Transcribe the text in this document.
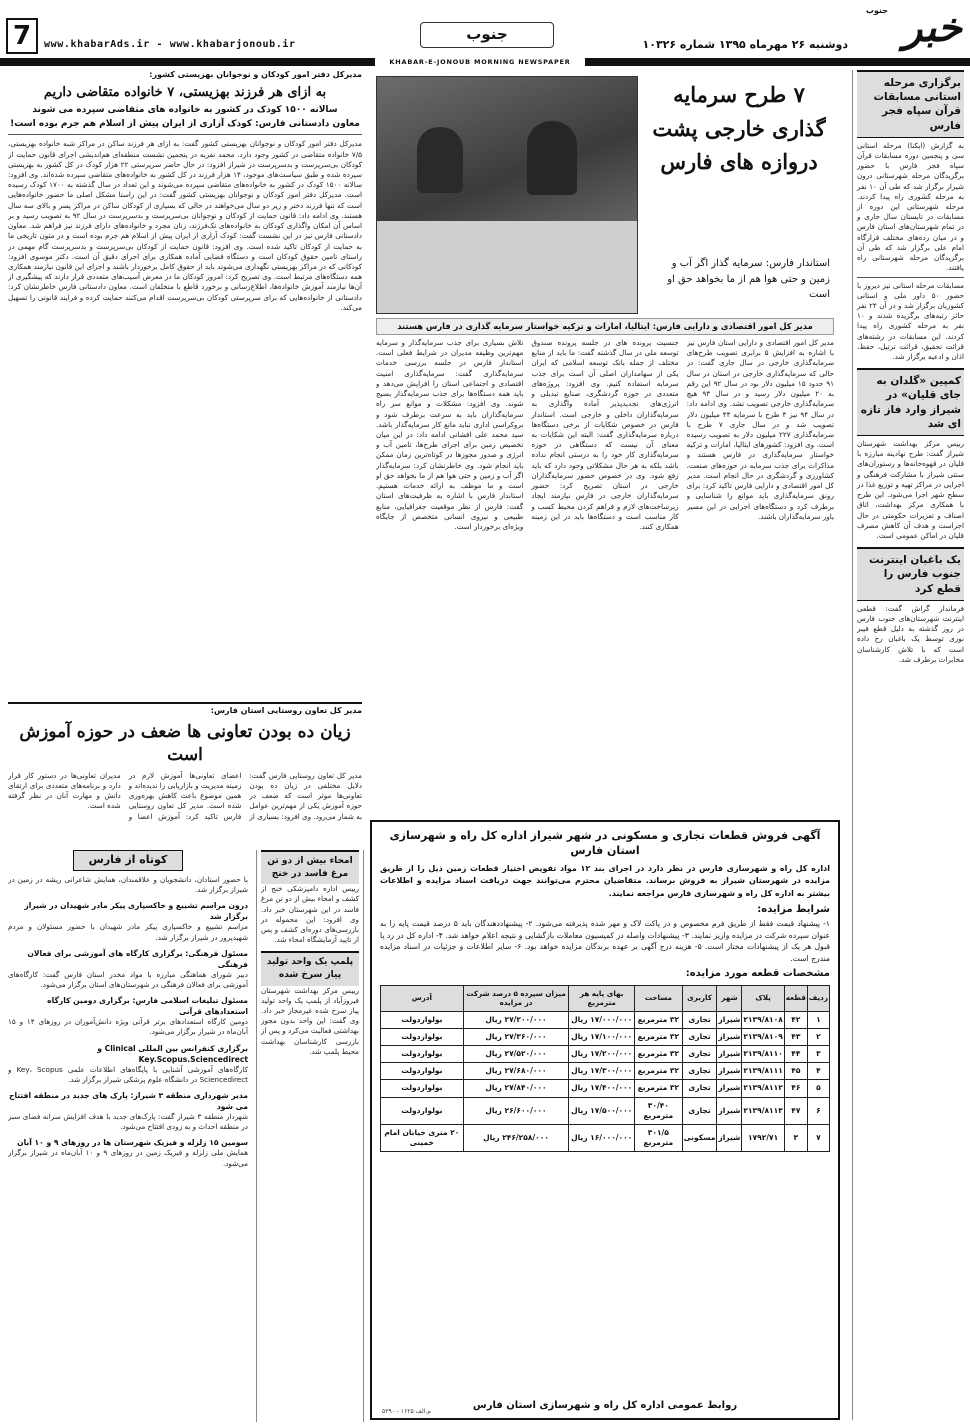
خبر
جنوب
دوشنبه ۲۶ مهرماه ۱۳۹۵ شماره ۱۰۳۲۶
جنوب
www.khabarAds.ir - www.khabarjonoub.ir
7
KHABAR-E-JONOUB MORNING NEWSPAPER
برگزاری مرحله استانی مسابقات قرآن سپاه فجر فارس
به گزارش (ایکنا) مرحله استانی سی و پنجمین دوره مسابقات قرآن سپاه فجر فارس با حضور برگزیدگان مرحله شهرستانی درون شیراز برگزار شد که طی آن ۱۰ نفر به مرحله کشوری راه پیدا کردند. مرحله شهرستانی این دوره از مسابقات در تابستان سال جاری و در تمام شهرستان‌های استان فارس و در میان رده‌های مختلف قرارگاه امام علی برگزار شد که طی آن برگزیدگان مرحله شهرستانی راه یافتند.
مسابقات مرحله استانی نیز دیروز با حضور ۵۰ داور ملی و استانی کشوریان برگزار شد و در آن ۲۴ نفر حائز رتبه‌های برگزیده شدند و ۱۰ نفر به مرحله کشوری راه پیدا کردند. این مسابقات در رشته‌های قرائت تحقیق، قرائت ترتیل، حفظ، اذان و ادعیه برگزار شد.
کمپین «گلدان به جای قلیان» در شیراز وارد فاز تازه ای شد
رییس مرکز بهداشت شهرستان شیراز گفت: طرح نهادینه مبارزه با قلیان در قهوه‌خانه‌ها و رستوران‌های سنتی شیراز با مشارکت فرهنگی و اجرایی در مراکز تهیه و توزیع غذا در سطح شهر اجرا می‌شود. این طرح با همکاری مرکز بهداشت، اتاق اصناف و تعزیرات حکومتی در حال اجراست و هدف آن کاهش مصرف قلیان در اماکن عمومی است.
یک باغبان اینترنت جنوب فارس را قطع کرد
فرماندار گراش گفت: قطعی اینترنت شهرستان‌های جنوب فارس در روز گذشته به دلیل قطع فیبر نوری توسط یک باغبان رخ داده است که با تلاش کارشناسان مخابرات برطرف شد.
۷ طرح سرمایه گذاری خارجی پشت دروازه های فارس
استاندار فارس: سرمایه گذار اگر آب و زمین و حتی هوا هم از ما بخواهد حق او است
مدیر کل امور اقتصادی و دارایی فارس: ایتالیا، امارات و ترکیه خواستار سرمایه گذاری در فارس هستند
تلاش بسیاری برای جذب سرمایه‌گذار و سرمایه مهم‌ترین وظیفه مدیران در شرایط فعلی است. استاندار فارس در جلسه بررسی خدمات سرمایه‌گذاری گفت: سرمایه‌گذاری امنیت اقتصادی و اجتماعی استان را افزایش می‌دهد و باید همه دستگاه‌ها برای جذب سرمایه‌گذار بسیج شوند. وی افزود: مشکلات و موانع سر راه سرمایه‌گذاران باید به سرعت برطرف شود و بروکراسی اداری نباید مانع کار سرمایه‌گذار باشد. سید محمد علی افشانی ادامه داد: در این میان تخصیص زمین برای اجرای طرح‌ها، تامین آب و انرژی و صدور مجوزها در کوتاه‌ترین زمان ممکن باید انجام شود. وی خاطرنشان کرد: سرمایه‌گذار اگر آب و زمین و حتی هوا هم از ما بخواهد حق او است و ما موظف به ارائه خدمات هستیم. استاندار فارس با اشاره به ظرفیت‌های استان گفت: فارس از نظر موقعیت جغرافیایی، منابع طبیعی و نیروی انسانی متخصص از جایگاه ویژه‌ای برخوردار است.
جنسیت پرونده های در جلسه پرونده صندوق توسعه ملی در سال گذشته گفت: ما باید از منابع مختلف از جمله بانک توسعه اسلامی که ایران یکی از سهامداران اصلی آن است برای جذب سرمایه استفاده کنیم. وی افزود: پروژه‌های متعددی در حوزه گردشگری، صنایع تبدیلی و انرژی‌های تجدیدپذیر آماده واگذاری به سرمایه‌گذاران داخلی و خارجی است. استاندار فارس در خصوص شکایات از برخی دستگاه‌ها درباره سرمایه‌گذاری گفت: البته این شکایات به معنای آن نیست که دستگاهی در حوزه سرمایه‌گذاری کار خود را به درستی انجام نداده باشد بلکه به هر حال مشکلاتی وجود دارد که باید رفع شود. وی در خصوص حضور سرمایه‌گذاران خارجی در استان تصریح کرد: حضور سرمایه‌گذاران خارجی در فارس نیازمند ایجاد زیرساخت‌های لازم و فراهم کردن محیط کسب و کار مناسب است و دستگاه‌ها باید در این زمینه همکاری کنند.
مدیر کل امور اقتصادی و دارایی استان فارس نیز با اشاره به افزایش ۵ برابری تصویب طرح‌های سرمایه‌گذاری خارجی در سال جاری گفت: در حالی که سرمایه‌گذاری خارجی در استان در سال ۹۱ حدود ۱۵ میلیون دلار بود در سال ۹۲ این رقم به ۲۰ میلیون دلار رسید و در سال ۹۳ هیچ سرمایه‌گذاری خارجی تصویب نشد. وی ادامه داد: در سال ۹۴ نیز ۴ طرح با سرمایه ۴۴ میلیون دلار تصویب شد و در سال جاری ۷ طرح با سرمایه‌گذاری ۲۲۷ میلیون دلار به تصویب رسیده است. وی افزود: کشورهای ایتالیا، امارات و ترکیه خواستار سرمایه‌گذاری در فارس هستند و مذاکرات برای جذب سرمایه در حوزه‌های صنعت، کشاورزی و گردشگری در حال انجام است. مدیر کل امور اقتصادی و دارایی فارس تاکید کرد: برای رونق سرمایه‌گذاری باید موانع را شناسایی و برطرف کرد و دستگاه‌های اجرایی در این مسیر یاور سرمایه‌گذاران باشند.
مدیرکل دفتر امور کودکان و نوجوانان بهزیستی کشور:
به ازای هر فرزند بهزیستی، ۷ خانواده متقاضی داریم
سالانه ۱۵۰۰ کودک در کشور به خانواده های متقاضی سپرده می شوند
معاون دادستانی فارس: کودک آزاری از ایران پیش از اسلام هم جرم بوده است!
مدیرکل دفتر امور کودکان و نوجوانان بهزیستی کشور گفت: به ازای هر فرزند ساکن در مراکز شبه خانواده بهزیستی، ۷/۵ خانواده متقاضی در کشور وجود دارد. محمد نفریه در پنجمین نشست منطقه‌ای هم‌اندیشی اجرای قانون حمایت از کودکان بی‌سرپرست و بدسرپرست در شیراز افزود: در حال حاضر سرپرستی ۲۲ هزار کودک در کل کشور به بهزیستی سپرده شده و طبق سیاست‌های موجود، ۱۴ هزار فرزند در کل کشور به خانواده‌های متقاضی سپرده شده‌اند. وی افزود: سالانه ۱۵۰۰ کودک در کشور به خانواده‌های متقاضی سپرده می‌شوند و این تعداد در سال گذشته به ۱۷۰۰ کودک رسیده است. مدیرکل دفتر امور کودکان و نوجوانان بهزیستی کشور گفت: در این راستا مشکل اصلی ما حضور خانواده‌هایی است که تنها فرزند دختر و زیر دو سال می‌خواهند در حالی که بسیاری از کودکان ساکن در مراکز پسر و بالای سه سال هستند. وی ادامه داد: قانون حمایت از کودکان و نوجوانان بی‌سرپرست و بدسرپرست در سال ۹۲ به تصویب رسید و بر اساس آن امکان واگذاری کودکان به خانواده‌های تک‌فرزند، زنان مجرد و خانواده‌های دارای فرزند نیز فراهم شد. معاون دادستانی فارس نیز در این نشست گفت: کودک آزاری از ایران پیش از اسلام هم جرم بوده است و در متون تاریخی ما به حمایت از کودکان تاکید شده است. وی افزود: قانون حمایت از کودکان بی‌سرپرست و بدسرپرست گام مهمی در راستای تامین حقوق کودکان است و دستگاه قضایی آماده همکاری برای اجرای دقیق آن است. دکتر موسوی افزود: کودکانی که در مراکز بهزیستی نگهداری می‌شوند باید از حقوق کامل برخوردار باشند و اجرای این قانون نیازمند همکاری همه دستگاه‌های مرتبط است. وی تصریح کرد: امروز کودکان ما در معرض آسیب‌های متعددی قرار دارند که پیشگیری از آن‌ها نیازمند آموزش خانواده‌ها، اطلاع‌رسانی و برخورد قاطع با متخلفان است. معاون دادستانی فارس خاطرنشان کرد: دادستانی از خانواده‌هایی که برای سرپرستی کودکان بی‌سرپرست اقدام می‌کنند حمایت کرده و فرایند قانونی را تسهیل می‌کند.
مدیر کل تعاون روستایی استان فارس:
زیان ده بودن تعاونی ها ضعف در حوزه آموزش است
مدیر کل تعاون روستایی فارس گفت: دلایل مختلفی در زیان ده بودن تعاونی‌ها موثر است که ضعف در حوزه آموزش یکی از مهم‌ترین عوامل به شمار می‌رود. وی افزود: بسیاری از اعضای تعاونی‌ها آموزش لازم در زمینه مدیریت و بازاریابی را ندیده‌اند و همین موضوع باعث کاهش بهره‌وری شده است. مدیر کل تعاون روستایی فارس تاکید کرد: آموزش اعضا و مدیران تعاونی‌ها در دستور کار قرار دارد و برنامه‌های متعددی برای ارتقای دانش و مهارت آنان در نظر گرفته شده است.
کوتاه از فارس
با حضور استادان، دانشجویان و علاقمندان، همایش شاعرانی ریشه در زمین در شیراز برگزار شد.
درون مراسم تشییع و خاکسپاری پیکر مادر شهیدان در شیراز برگزار شد
مراسم تشییع و خاکسپاری پیکر مادر شهیدان با حضور مسئولان و مردم شهیدپرور در شیراز برگزار شد.
مسئول فرهنگی: برگزاری کارگاه های آموزشی برای فعالان فرهنگی
دبیر شورای هماهنگی مبارزه با مواد مخدر استان فارس گفت: کارگاه‌های آموزشی برای فعالان فرهنگی در شهرستان‌های استان برگزار می‌شود.
مسئول تبلیغات اسلامی فارس: برگزاری دومین کارگاه استعدادهای قرآنی
دومین کارگاه استعدادهای برتر قرآنی ویژه دانش‌آموزان در روزهای ۱۴ و ۱۵ آبان‌ماه در شیراز برگزار می‌شود.
برگزاری کنفرانس بین المللی Clinical و Key.Scopus.Sciencedirect
کارگاه‌های آموزشی آشنایی با پایگاه‌های اطلاعات علمی Key، Scopus و Sciencedirect در دانشگاه علوم پزشکی شیراز برگزار شد.
مدیر شهرداری منطقه ۳ شیراز: پارک های جدید در منطقه افتتاح می شود
شهردار منطقه ۳ شیراز گفت: پارک‌های جدید با هدف افزایش سرانه فضای سبز در منطقه احداث و به زودی افتتاح می‌شود.
سومین ۱۵ زلزله و فیزیک شهرستان ها در روزهای ۹ و ۱۰ آبان
همایش ملی زلزله و فیزیک زمین در روزهای ۹ و ۱۰ آبان‌ماه در شیراز برگزار می‌شود.
امحاء بیش از دو تن مرغ فاسد در خنج
رییس اداره دامپزشکی خنج از کشف و امحاء بیش از دو تن مرغ فاسد در این شهرستان خبر داد. وی افزود: این محموله در بازرسی‌های دوره‌ای کشف و پس از تایید آزمایشگاه امحاء شد.
پلمپ یک واحد تولید پیاز سرخ شده
رییس مرکز بهداشت شهرستان فیروزآباد از پلمپ یک واحد تولید پیاز سرخ شده غیرمجاز خبر داد. وی گفت: این واحد بدون مجوز بهداشتی فعالیت می‌کرد و پس از بازرسی کارشناسان بهداشت محیط پلمپ شد.
آگهی فروش قطعات تجاری و مسکونی در شهر شیراز اداره کل راه و شهرسازی استان فارس
اداره کل راه و شهرسازی فارس در نظر دارد در اجرای بند ۱۲ مواد تفویض اختیار قطعات زمین ذیل را از طریق مزایده در شهرستان شیراز به فروش برساند. متقاضیان محترم می‌توانند جهت دریافت اسناد مزایده و اطلاعات بیشتر به اداره کل راه و شهرسازی فارس مراجعه نمایند.
شرایط مزایده:
۱- پیشنهاد قیمت فقط از طریق فرم مخصوص و در پاکت لاک و مهر شده پذیرفته می‌شود. ۲- پیشنهاددهندگان باید ۵ درصد قیمت پایه را به عنوان سپرده شرکت در مزایده واریز نمایند. ۳- پیشنهادات واصله در کمیسیون معاملات بازگشایی و نتیجه اعلام خواهد شد. ۴- اداره کل در رد یا قبول هر یک از پیشنهادات مختار است. ۵- هزینه درج آگهی بر عهده برندگان مزایده خواهد بود. ۶- سایر اطلاعات و جزئیات در اسناد مزایده مندرج است.
مشخصات قطعه مورد مزایده:
ردیف	قطعه	پلاک	شهر	کاربری	مساحت	بهای پایه هر مترمربع	میزان سپرده ۵ درصد شرکت در مزایده	آدرس
۱	۴۲	۲۱۳۹/۸۱۰۸	شیراز	تجاری	۳۲ مترمربع	۱۷/۰۰۰/۰۰۰ ریال	۲۷/۲۰۰/۰۰۰ ریال	بولواردولت
۲	۴۳	۲۱۳۹/۸۱۰۹	شیراز	تجاری	۳۲ مترمربع	۱۷/۱۰۰/۰۰۰ ریال	۲۷/۳۶۰/۰۰۰ ریال	بولواردولت
۳	۴۴	۲۱۳۹/۸۱۱۰	شیراز	تجاری	۳۲ مترمربع	۱۷/۲۰۰/۰۰۰ ریال	۲۷/۵۲۰/۰۰۰ ریال	بولواردولت
۴	۴۵	۲۱۳۹/۸۱۱۱	شیراز	تجاری	۳۲ مترمربع	۱۷/۳۰۰/۰۰۰ ریال	۲۷/۶۸۰/۰۰۰ ریال	بولواردولت
۵	۴۶	۲۱۳۹/۸۱۱۲	شیراز	تجاری	۳۲ مترمربع	۱۷/۴۰۰/۰۰۰ ریال	۲۷/۸۴۰/۰۰۰ ریال	بولواردولت
۶	۴۷	۲۱۳۹/۸۱۱۳	شیراز	تجاری	۳۰/۴۰ مترمربع	۱۷/۵۰۰/۰۰۰ ریال	۲۶/۶۰۰/۰۰۰ ریال	بولواردولت
۷	۳	۱۷۹۲/۷۱	شیراز	مسکونی	۳۰۱/۵ مترمربع	۱۶/۰۰۰/۰۰۰ ریال	۲۴۶/۲۵۸/۰۰۰ ریال	۲۰ متری خیابان امام خمینی
روابط عمومی اداره کل راه و شهرسازی استان فارس
م.الف ۱۶۲۵ - ۵۳۹۰
